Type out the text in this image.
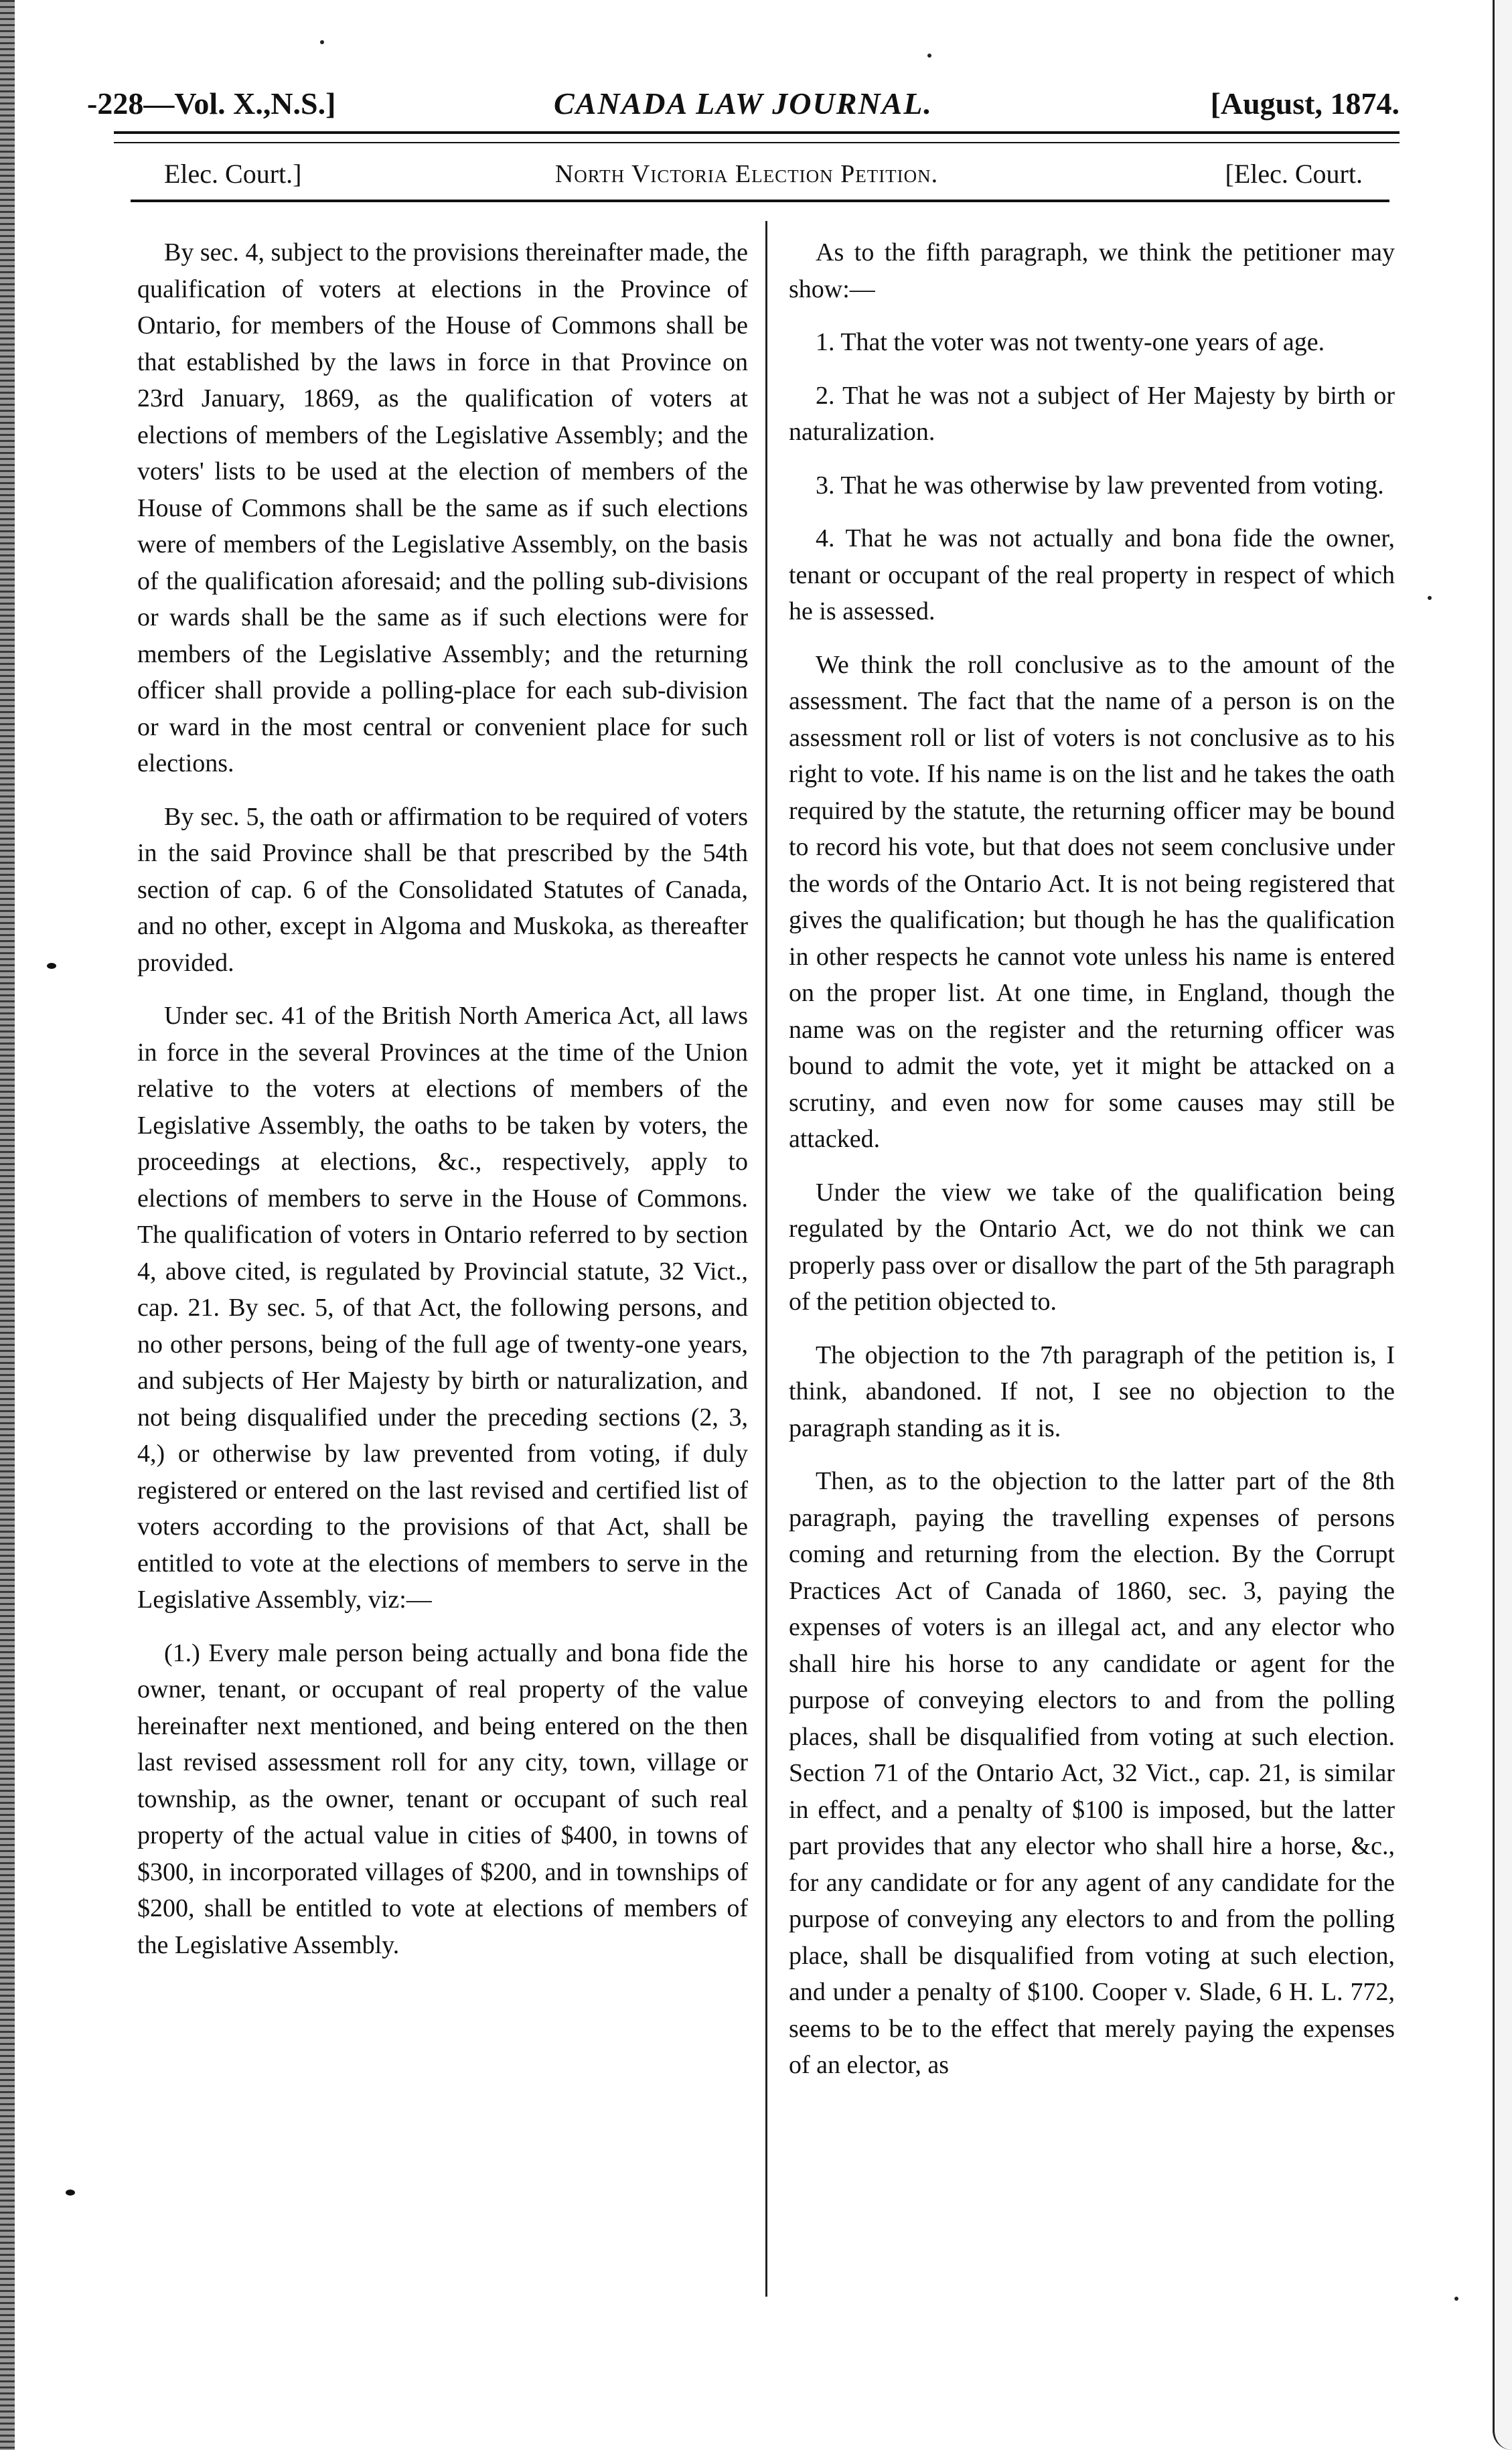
-228—Vol. X.,N.S.]	CANADA LAW JOURNAL.	[August, 1874.
Elec. Court.]	North Victoria Election Petition.	[Elec. Court.

By sec. 4, subject to the provisions thereinafter made, the qualification of voters at elections in the Province of Ontario, for members of the House of Commons shall be that established by the laws in force in that Province on 23rd January, 1869, as the qualification of voters at elections of members of the Legislative Assembly; and the voters' lists to be used at the election of members of the House of Commons shall be the same as if such elections were of members of the Legislative Assembly, on the basis of the qualification aforesaid; and the polling sub-divisions or wards shall be the same as if such elections were for members of the Legislative Assembly; and the returning officer shall provide a polling-place for each sub-division or ward in the most central or convenient place for such elections.

By sec. 5, the oath or affirmation to be required of voters in the said Province shall be that prescribed by the 54th section of cap. 6 of the Consolidated Statutes of Canada, and no other, except in Algoma and Muskoka, as thereafter provided.

Under sec. 41 of the British North America Act, all laws in force in the several Provinces at the time of the Union relative to the voters at elections of members of the Legislative Assembly, the oaths to be taken by voters, the proceedings at elections, &c., respectively, apply to elections of members to serve in the House of Commons. The qualification of voters in Ontario referred to by section 4, above cited, is regulated by Provincial statute, 32 Vict., cap. 21. By sec. 5, of that Act, the following persons, and no other persons, being of the full age of twenty-one years, and subjects of Her Majesty by birth or naturalization, and not being disqualified under the preceding sections (2, 3, 4,) or otherwise by law prevented from voting, if duly registered or entered on the last revised and certified list of voters according to the provisions of that Act, shall be entitled to vote at the elections of members to serve in the Legislative Assembly, viz:—

(1.) Every male person being actually and bona fide the owner, tenant, or occupant of real property of the value hereinafter next mentioned, and being entered on the then last revised assessment roll for any city, town, village or township, as the owner, tenant or occupant of such real property of the actual value in cities of $400, in towns of $300, in incorporated villages of $200, and in townships of $200, shall be entitled to vote at elections of members of the Legislative Assembly.

As to the fifth paragraph, we think the petitioner may show:—

1. That the voter was not twenty-one years of age.

2. That he was not a subject of Her Majesty by birth or naturalization.

3. That he was otherwise by law prevented from voting.

4. That he was not actually and bona fide the owner, tenant or occupant of the real property in respect of which he is assessed.

We think the roll conclusive as to the amount of the assessment. The fact that the name of a person is on the assessment roll or list of voters is not conclusive as to his right to vote. If his name is on the list and he takes the oath required by the statute, the returning officer may be bound to record his vote, but that does not seem conclusive under the words of the Ontario Act. It is not being registered that gives the qualification; but though he has the qualification in other respects he cannot vote unless his name is entered on the proper list. At one time, in England, though the name was on the register and the returning officer was bound to admit the vote, yet it might be attacked on a scrutiny, and even now for some causes may still be attacked.

Under the view we take of the qualification being regulated by the Ontario Act, we do not think we can properly pass over or disallow the part of the 5th paragraph of the petition objected to.

The objection to the 7th paragraph of the petition is, I think, abandoned. If not, I see no objection to the paragraph standing as it is.

Then, as to the objection to the latter part of the 8th paragraph, paying the travelling expenses of persons coming and returning from the election. By the Corrupt Practices Act of Canada of 1860, sec. 3, paying the expenses of voters is an illegal act, and any elector who shall hire his horse to any candidate or agent for the purpose of conveying electors to and from the polling places, shall be disqualified from voting at such election. Section 71 of the Ontario Act, 32 Vict., cap. 21, is similar in effect, and a penalty of $100 is imposed, but the latter part provides that any elector who shall hire a horse, &c., for any candidate or for any agent of any candidate for the purpose of conveying any electors to and from the polling place, shall be disqualified from voting at such election, and under a penalty of $100. Cooper v. Slade, 6 H. L. 772, seems to be to the effect that merely paying the expenses of an elector, as
